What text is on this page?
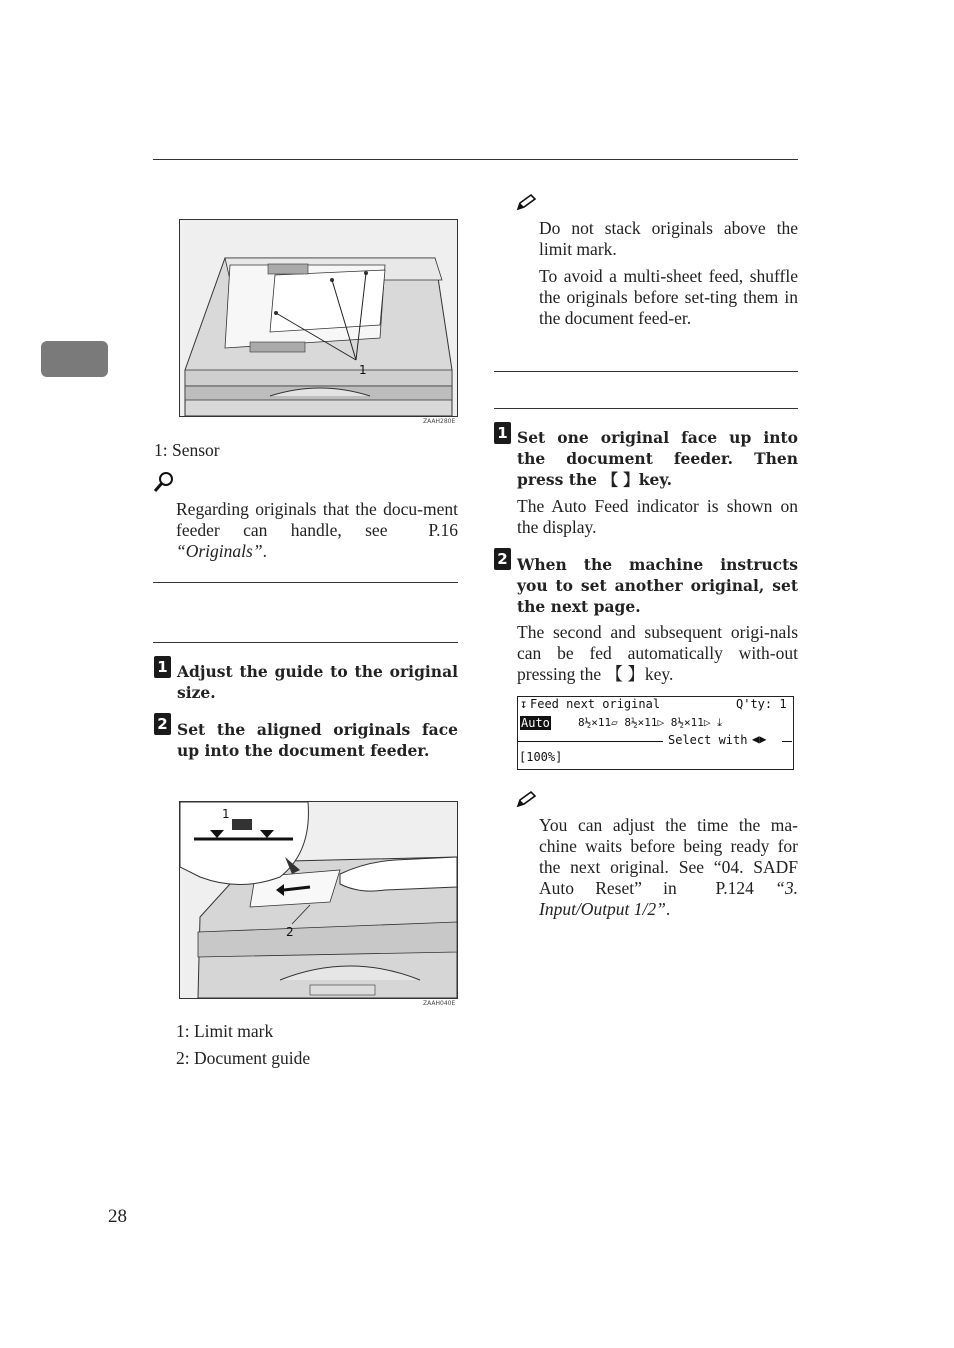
1
ZAAH280E
1: Sensor
Regarding originals that the docu-ment feeder can handle, see    P.16 “Originals”.
1 Adjust the guide to the original size.
2 Set the aligned originals face up into the document feeder.
1
2
ZAAH040E
1: Limit mark
2: Document guide
Do not stack originals above the limit mark.
To avoid a multi-sheet feed, shuffle the originals before set-ting them in the document feed-er.
1 Set one original face up into the document feeder. Then press the 【 】key.
The Auto Feed indicator is shown on the display.
2 When the machine instructs you to set another original, set the next page.
The second and subsequent origi-nals can be fed automatically with-out pressing the 【 】key.
↧ Feed next original	Q'ty: 1
Auto	8½×11▱ 8½×11▷ 8½×11▷ ⤓
Select with ◀▶
[100%]
You can adjust the time the ma-chine waits before being ready for the next original. See “04. SADF Auto Reset” in    P.124 “3. Input/Output 1/2”.
28
